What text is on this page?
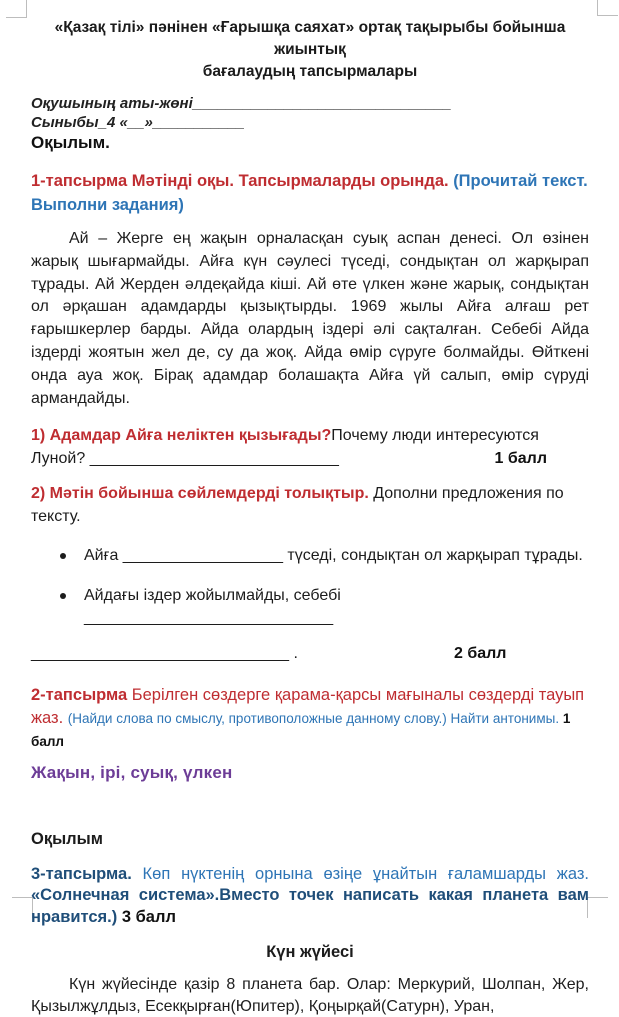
«Қазақ тілі» пәнінен «Ғарышқа саяхат» ортақ тақырыбы бойынша жиынтық
бағалаудың тапсырмалары
Оқушының аты-жөні_______________________________
Сыныбы_4 «__»___________
Оқылым.
1-тапсырма Мәтінді оқы. Тапсырмаларды орында. (Прочитай текст. Выполни задания)
Ай – Жерге ең жақын орналасқан суық аспан денесі. Ол өзінен жарық шығармайды. Айға күн сәулесі түседі, сондықтан ол жарқырап тұрады. Ай Жерден әлдеқайда кіші. Ай өте үлкен және жарық, сондықтан ол әрқашан адамдарды қызықтырды. 1969 жылы Айға алғаш рет ғарышкерлер барды. Айда олардың іздері әлі сақталған. Себебі Айда іздерді жоятын жел де, су да жоқ. Айда өмір сүруге болмайды. Өйткені онда ауа жоқ. Бірақ адамдар болашақта Айға үй салып, өмір сүруді армандайды.
1) Адамдар Айға неліктен қызығады?Почему люди интересуются Луной? ____________________________	1 балл
2) Мәтін бойынша сөйлемдерді толықтыр. Дополни предложения по тексту.
Айға __________________ түседі, сондықтан ол жарқырап тұрады.
Айдағы іздер жойылмайды, себебі ____________________________
_____________________________ .	2 балл
2-тапсырма Берілген сөздерге қарама-қарсы мағыналы сөздерді тауып жаз. (Найди слова по смыслу, противоположные данному слову.) Найти антонимы. 1 балл
Жақын, ірі, суық, үлкен
Оқылым
3-тапсырма. Көп нүктенің орнына өзіңе ұнайтын ғаламшарды жаз. «Солнечная система».Вместо точек написать какая планета вам нравится.) 3 балл
Күн жүйесі
Күн жүйесінде қазір 8 планета бар. Олар: Меркурий, Шолпан, Жер, Қызылжұлдыз, Есекқырған(Юпитер), Қоңырқай(Сатурн), Уран,
